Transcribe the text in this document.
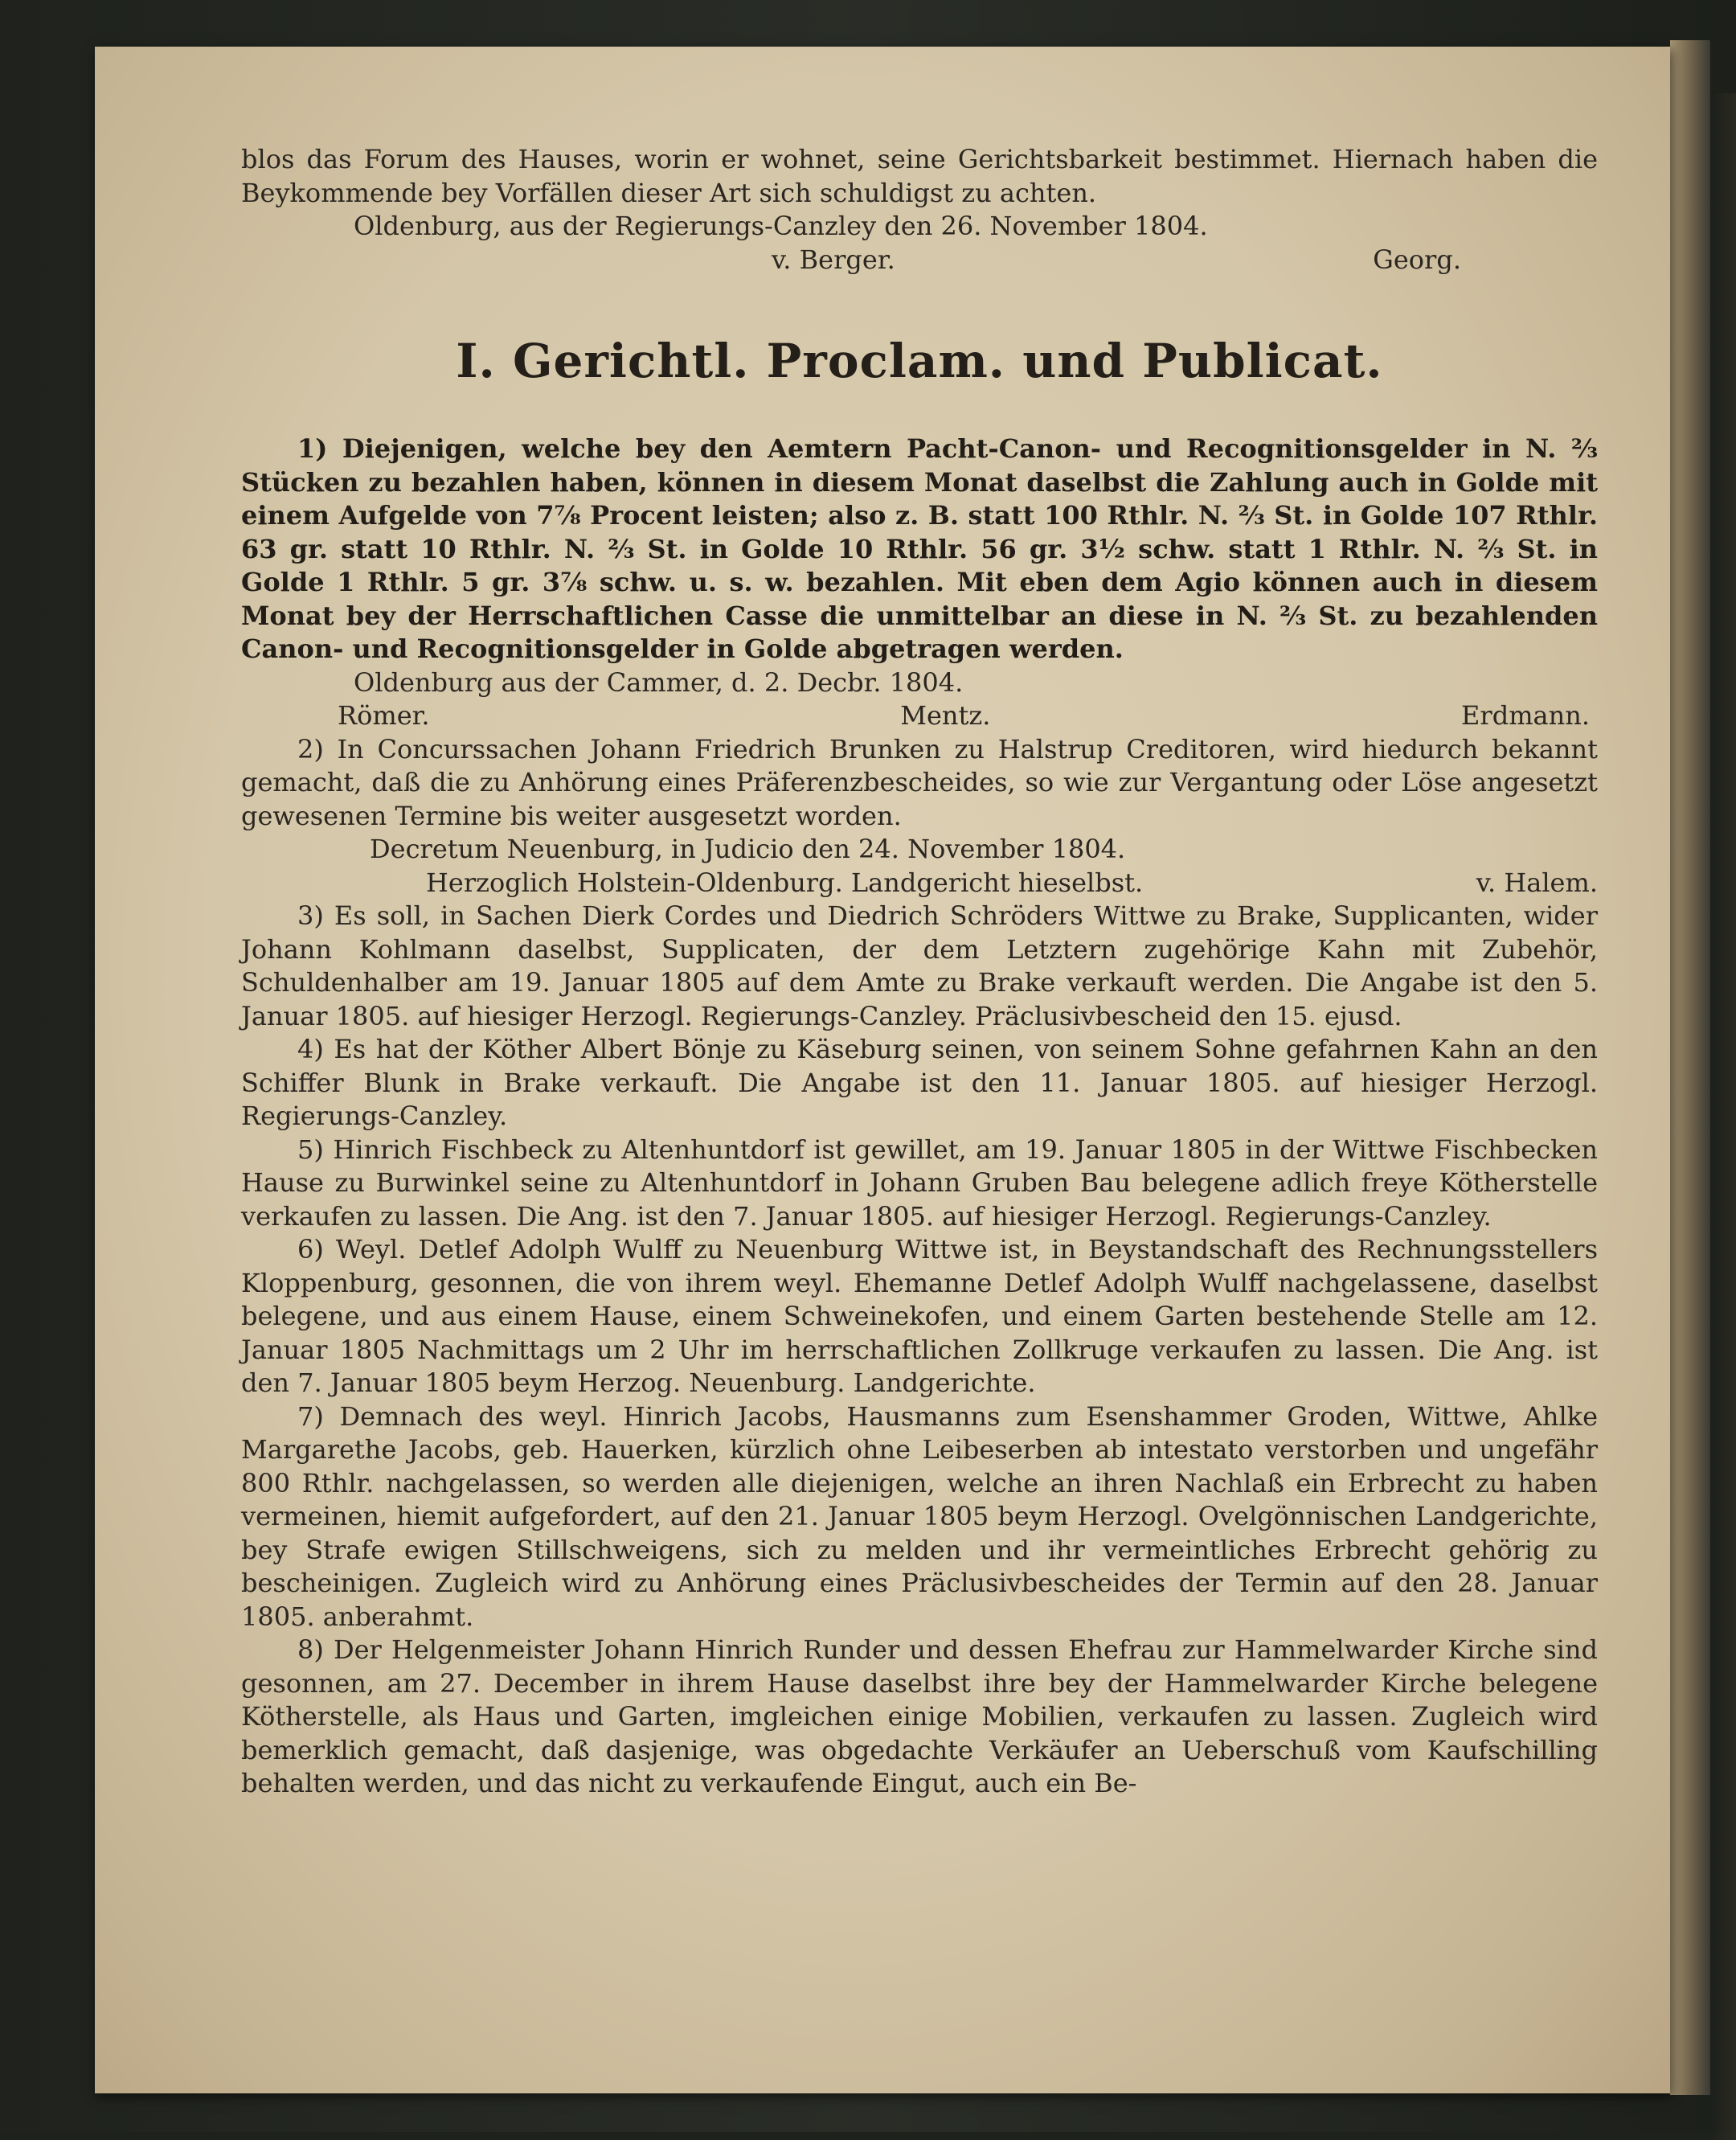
blos das Forum des Hauses, worin er wohnet, seine Gerichtsbarkeit bestimmet. Hiernach haben die Beykommende bey Vorfällen dieser Art sich schuldigst zu achten.

Oldenburg, aus der Regierungs-Canzley den 26. November 1804.

v. Berger.	Georg.
I. Gerichtl. Proclam. und Publicat.

1) Diejenigen, welche bey den Aemtern Pacht-Canon- und Recognitionsgelder in N. ⅔ Stücken zu bezahlen haben, können in diesem Monat daselbst die Zahlung auch in Golde mit einem Aufgelde von 7⅞ Procent leisten; also z. B. statt 100 Rthlr. N. ⅔ St. in Golde 107 Rthlr. 63 gr. statt 10 Rthlr. N. ⅔ St. in Golde 10 Rthlr. 56 gr. 3½ schw. statt 1 Rthlr. N. ⅔ St. in Golde 1 Rthlr. 5 gr. 3⅞ schw. u. s. w. bezahlen. Mit eben dem Agio können auch in diesem Monat bey der Herrschaftlichen Casse die unmittelbar an diese in N. ⅔ St. zu bezahlenden Canon- und Recognitionsgelder in Golde abgetragen werden.

Oldenburg aus der Cammer, d. 2. Decbr. 1804.

Römer.	Mentz.	Erdmann.

2) In Concurssachen Johann Friedrich Brunken zu Halstrup Creditoren, wird hiedurch bekannt gemacht, daß die zu Anhörung eines Präferenzbescheides, so wie zur Vergantung oder Löse angesetzt gewesenen Termine bis weiter ausgesetzt worden.

Decretum Neuenburg, in Judicio den 24. November 1804.

Herzoglich Holstein-Oldenburg. Landgericht hieselbst.	v. Halem.

3) Es soll, in Sachen Dierk Cordes und Diedrich Schröders Wittwe zu Brake, Supplicanten, wider Johann Kohlmann daselbst, Supplicaten, der dem Letztern zugehörige Kahn mit Zubehör, Schuldenhalber am 19. Januar 1805 auf dem Amte zu Brake verkauft werden. Die Angabe ist den 5. Januar 1805. auf hiesiger Herzogl. Regierungs-Canzley. Präclusivbescheid den 15. ejusd.

4) Es hat der Köther Albert Bönje zu Käseburg seinen, von seinem Sohne gefahrnen Kahn an den Schiffer Blunk in Brake verkauft. Die Angabe ist den 11. Januar 1805. auf hiesiger Herzogl. Regierungs-Canzley.

5) Hinrich Fischbeck zu Altenhuntdorf ist gewillet, am 19. Januar 1805 in der Wittwe Fischbecken Hause zu Burwinkel seine zu Altenhuntdorf in Johann Gruben Bau belegene adlich freye Kötherstelle verkaufen zu lassen. Die Ang. ist den 7. Januar 1805. auf hiesiger Herzogl. Regierungs-Canzley.

6) Weyl. Detlef Adolph Wulff zu Neuenburg Wittwe ist, in Beystandschaft des Rechnungsstellers Kloppenburg, gesonnen, die von ihrem weyl. Ehemanne Detlef Adolph Wulff nachgelassene, daselbst belegene, und aus einem Hause, einem Schweinekofen, und einem Garten bestehende Stelle am 12. Januar 1805 Nachmittags um 2 Uhr im herrschaftlichen Zollkruge verkaufen zu lassen. Die Ang. ist den 7. Januar 1805 beym Herzog. Neuenburg. Landgerichte.

7) Demnach des weyl. Hinrich Jacobs, Hausmanns zum Esenshammer Groden, Wittwe, Ahlke Margarethe Jacobs, geb. Hauerken, kürzlich ohne Leibeserben ab intestato verstorben und ungefähr 800 Rthlr. nachgelassen, so werden alle diejenigen, welche an ihren Nachlaß ein Erbrecht zu haben vermeinen, hiemit aufgefordert, auf den 21. Januar 1805 beym Herzogl. Ovelgönnischen Landgerichte, bey Strafe ewigen Stillschweigens, sich zu melden und ihr vermeintliches Erbrecht gehörig zu bescheinigen. Zugleich wird zu Anhörung eines Präclusivbescheides der Termin auf den 28. Januar 1805. anberahmt.

8) Der Helgenmeister Johann Hinrich Runder und dessen Ehefrau zur Hammelwarder Kirche sind gesonnen, am 27. December in ihrem Hause daselbst ihre bey der Hammelwarder Kirche belegene Kötherstelle, als Haus und Garten, imgleichen einige Mobilien, verkaufen zu lassen. Zugleich wird bemerklich gemacht, daß dasjenige, was obgedachte Verkäufer an Ueberschuß vom Kaufschilling behalten werden, und das nicht zu verkaufende Eingut, auch ein Be-
